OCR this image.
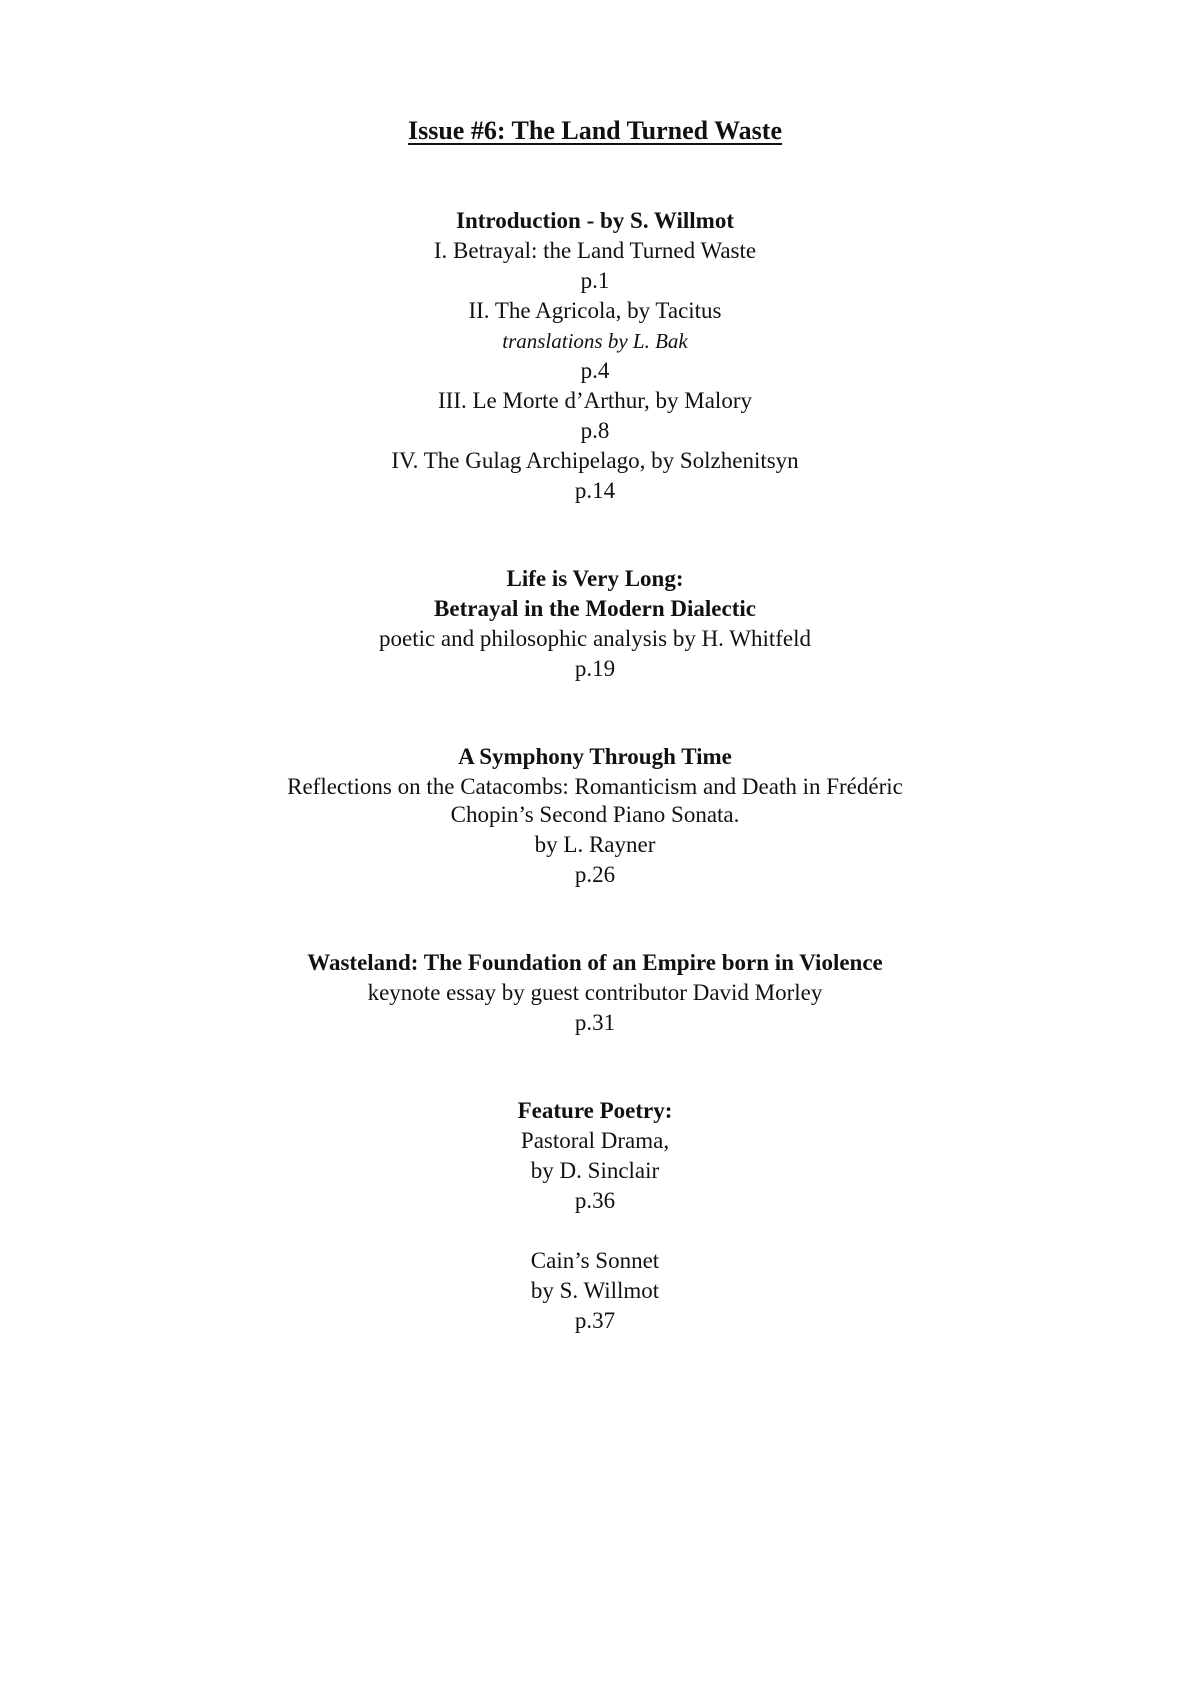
Issue #6: The Land Turned Waste
Introduction - by S. Willmot
I. Betrayal: the Land Turned Waste
p.1
II. The Agricola, by Tacitus
translations by L. Bak
p.4
III. Le Morte d’Arthur, by Malory
p.8
IV. The Gulag Archipelago, by Solzhenitsyn
p.14
Life is Very Long:
Betrayal in the Modern Dialectic
poetic and philosophic analysis by H. Whitfeld
p.19
A Symphony Through Time
Reflections on the Catacombs: Romanticism and Death in Frédéric
Chopin’s Second Piano Sonata.
by L. Rayner
p.26
Wasteland: The Foundation of an Empire born in Violence
keynote essay by guest contributor David Morley
p.31
Feature Poetry:
Pastoral Drama,
by D. Sinclair
p.36
Cain’s Sonnet
by S. Willmot
p.37
